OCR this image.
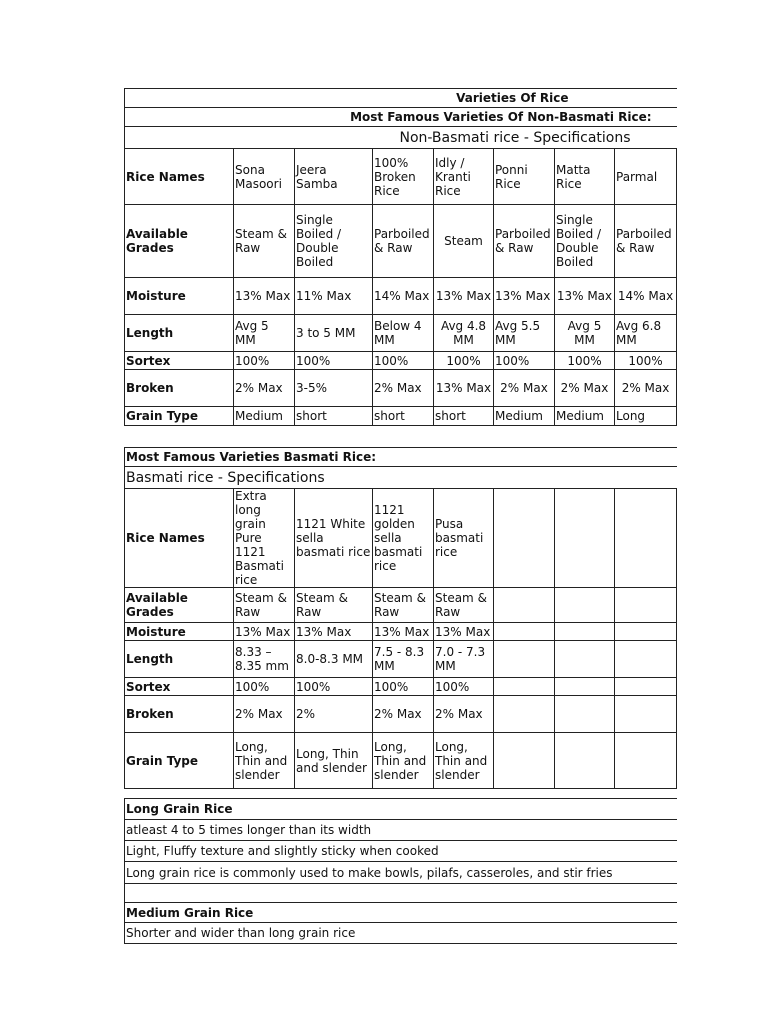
Varieties Of Rice							
Most Famous Varieties Of Non-Basmati Rice:							
Non-Basmati rice - Specifications							
Rice Names	Sona Masoori	Jeera Samba	100% Broken Rice	Idly / Kranti Rice	Ponni Rice	Matta Rice	Parmal
Available Grades	Steam & Raw	Single Boiled / Double Boiled	Parboiled & Raw	Steam	Parboiled & Raw	Single Boiled / Double Boiled	Parboiled & Raw
Moisture	13% Max	11% Max	14% Max	13% Max	13% Max	13% Max	14% Max
Length	Avg 5 MM	3 to 5 MM	Below 4 MM	Avg 4.8 MM	Avg 5.5 MM	Avg 5 MM	Avg 6.8 MM
Sortex	100%	100%	100%	100%	100%	100%	100%
Broken	2% Max	3-5%	2% Max	13% Max	2% Max	2% Max	2% Max
Grain Type	Medium	short	short	short	Medium	Medium	Long
Most Famous Varieties Basmati Rice:							
Basmati rice - Specifications							
Rice Names	Extra long grain Pure 1121 Basmati rice	1121 White sella basmati rice	1121 golden sella basmati rice	Pusa basmati rice			
Available Grades	Steam & Raw	Steam & Raw	Steam & Raw	Steam & Raw			
Moisture	13% Max	13% Max	13% Max	13% Max			
Length	8.33 – 8.35 mm	8.0-8.3 MM	7.5 - 8.3 MM	7.0 - 7.3 MM			
Sortex	100%	100%	100%	100%			
Broken	2% Max	2%	2% Max	2% Max			
Grain Type	Long, Thin and slender	Long, Thin and slender	Long, Thin and slender	Long, Thin and slender			
Long Grain Rice
atleast 4 to 5 times longer than its width
Light, Fluffy texture and slightly sticky when cooked
Long grain rice is commonly used to make bowls, pilafs, casseroles, and stir fries

Medium Grain Rice
Shorter and wider than long grain rice
